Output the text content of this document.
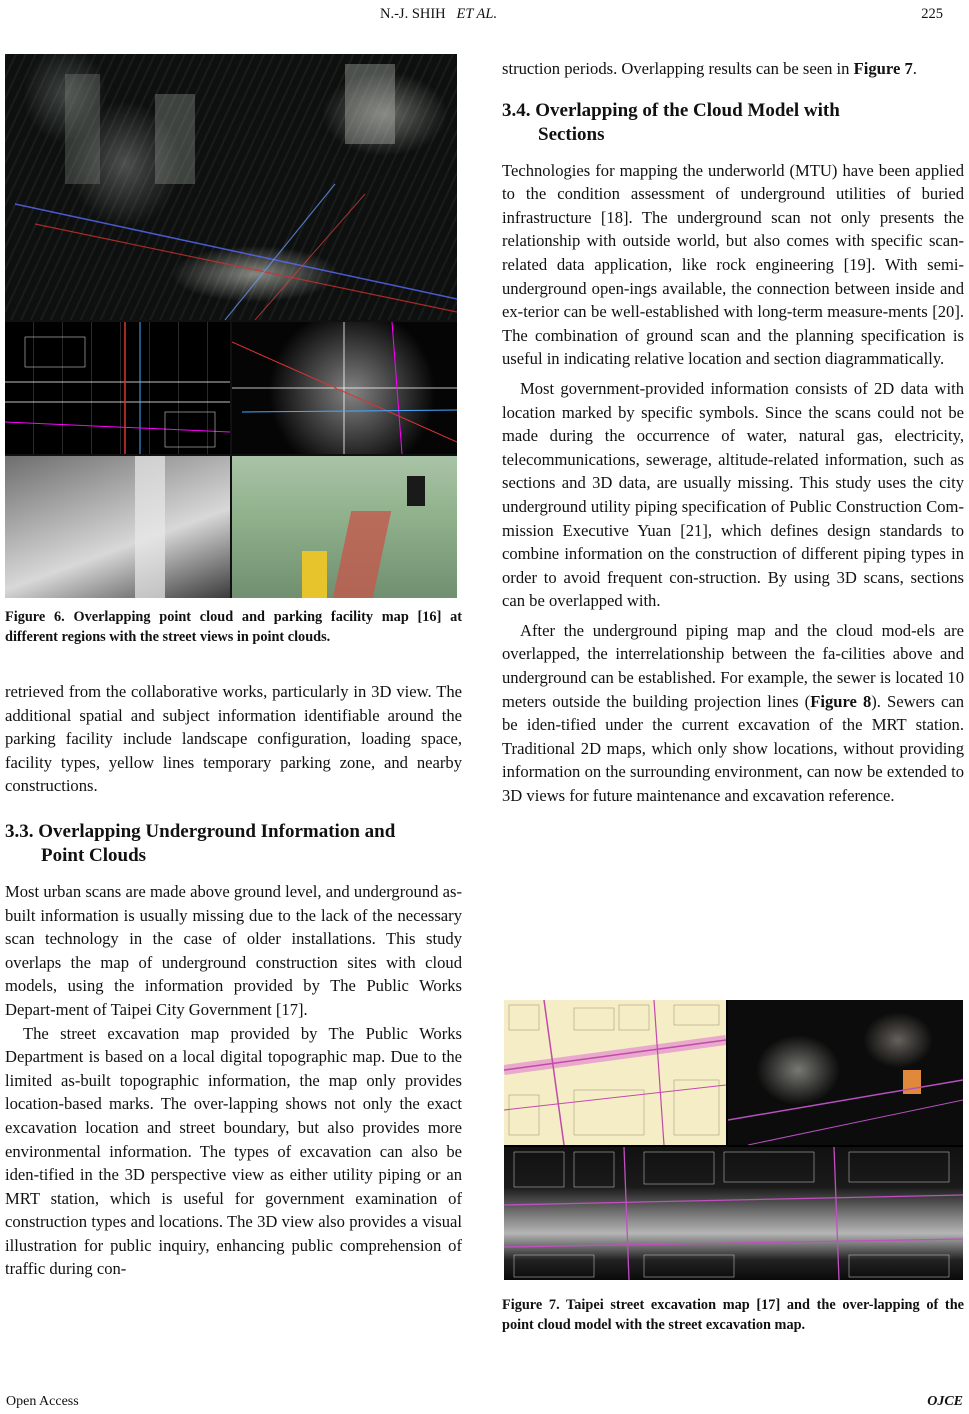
N.-J. SHIH ET AL.	225

Figure 6. Overlapping point cloud and parking facility map [16] at different regions with the street views in point clouds.

retrieved from the collaborative works, particularly in 3D view. The additional spatial and subject information identifiable around the parking facility include landscape configuration, loading space, facility types, yellow lines temporary parking zone, and nearby constructions.

3.3. Overlapping Underground Information and
Point Clouds

Most urban scans are made above ground level, and underground as-built information is usually missing due to the lack of the necessary scan technology in the case of older installations. This study overlaps the map of underground construction sites with cloud models, using the information provided by The Public Works Depart-ment of Taipei City Government [17].

The street excavation map provided by The Public Works Department is based on a local digital topographic map. Due to the limited as-built topographic information, the map only provides location-based marks. The over-lapping shows not only the exact excavation location and street boundary, but also provides more environmental information. The types of excavation can also be iden-tified in the 3D perspective view as either utility piping or an MRT station, which is useful for government examination of construction types and locations. The 3D view also provides a visual illustration for public inquiry, enhancing public comprehension of traffic during con-

struction periods. Overlapping results can be seen in Figure 7.

3.4. Overlapping of the Cloud Model with
Sections

Technologies for mapping the underworld (MTU) have been applied to the condition assessment of underground utilities of buried infrastructure [18]. The underground scan not only presents the relationship with outside world, but also comes with specific scan-related data application, like rock engineering [19]. With semi-underground open-ings available, the connection between inside and ex-terior can be well-established with long-term measure-ments [20]. The combination of ground scan and the planning specification is useful in indicating relative location and section diagrammatically.

Most government-provided information consists of 2D data with location marked by specific symbols. Since the scans could not be made during the occurrence of water, natural gas, electricity, telecommunications, sewerage, altitude-related information, such as sections and 3D data, are usually missing. This study uses the city underground utility piping specification of Public Construction Com-mission Executive Yuan [21], which defines design standards to combine information on the construction of different piping types in order to avoid frequent con-struction. By using 3D scans, sections can be overlapped with.

After the underground piping map and the cloud mod-els are overlapped, the interrelationship between the fa-cilities above and underground can be established. For example, the sewer is located 10 meters outside the building projection lines (Figure 8). Sewers can be iden-tified under the current excavation of the MRT station. Traditional 2D maps, which only show locations, without providing information on the surrounding environment, can now be extended to 3D views for future maintenance and excavation reference.

Figure 7. Taipei street excavation map [17] and the over-lapping of the point cloud model with the street excavation map.

Open Access	OJCE
